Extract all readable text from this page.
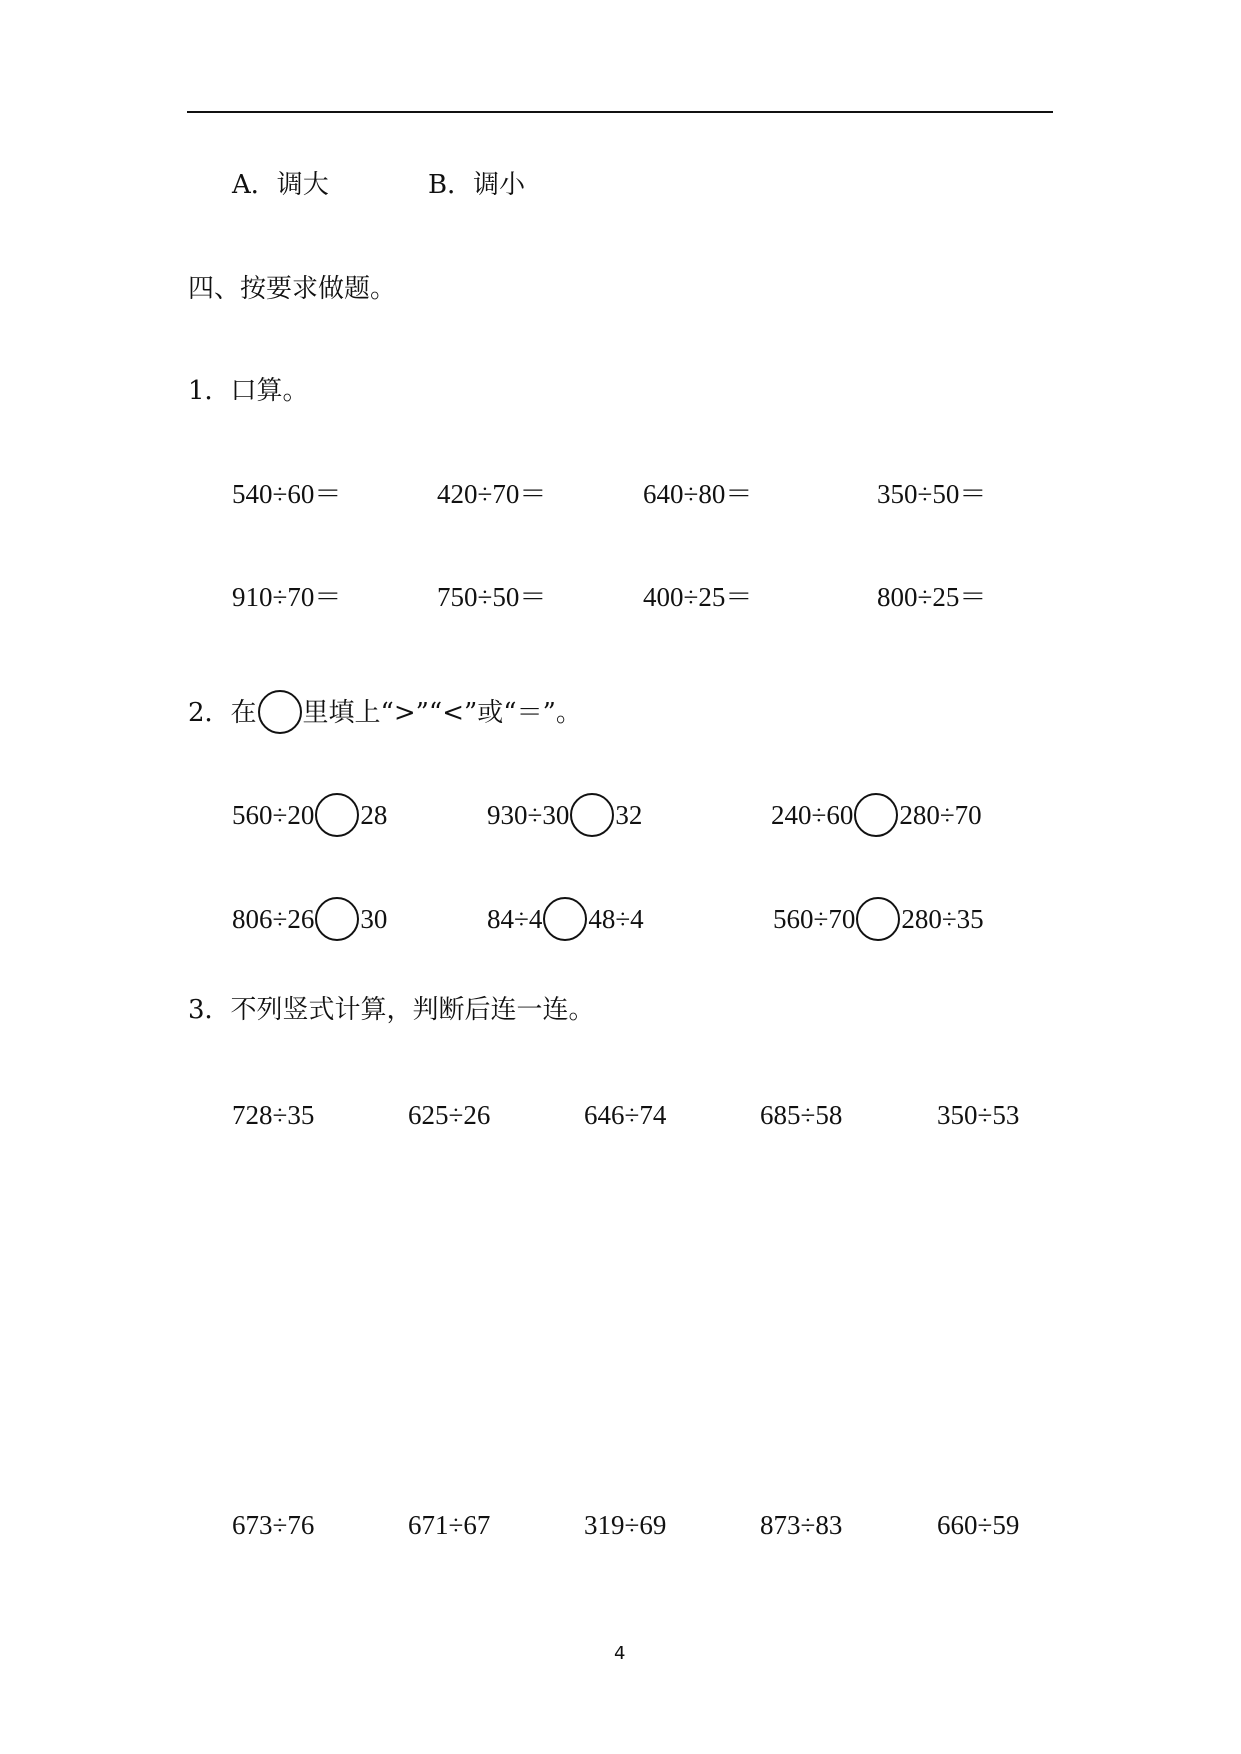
A．调大	B．调小
四、按要求做题。
1．口算。
540÷60＝	420÷70＝	640÷80＝	350÷50＝
910÷70＝	750÷50＝	400÷25＝	800÷25＝
2．在 里填上“>”“<”或“＝”。
560÷20 28	930÷30 32	240÷60 280÷70
806÷26 30	84÷4 48÷4	560÷70 280÷35
3．不列竖式计算，判断后连一连。
728÷35	625÷26	646÷74	685÷58	350÷53
673÷76	671÷67	319÷69	873÷83	660÷59
4
